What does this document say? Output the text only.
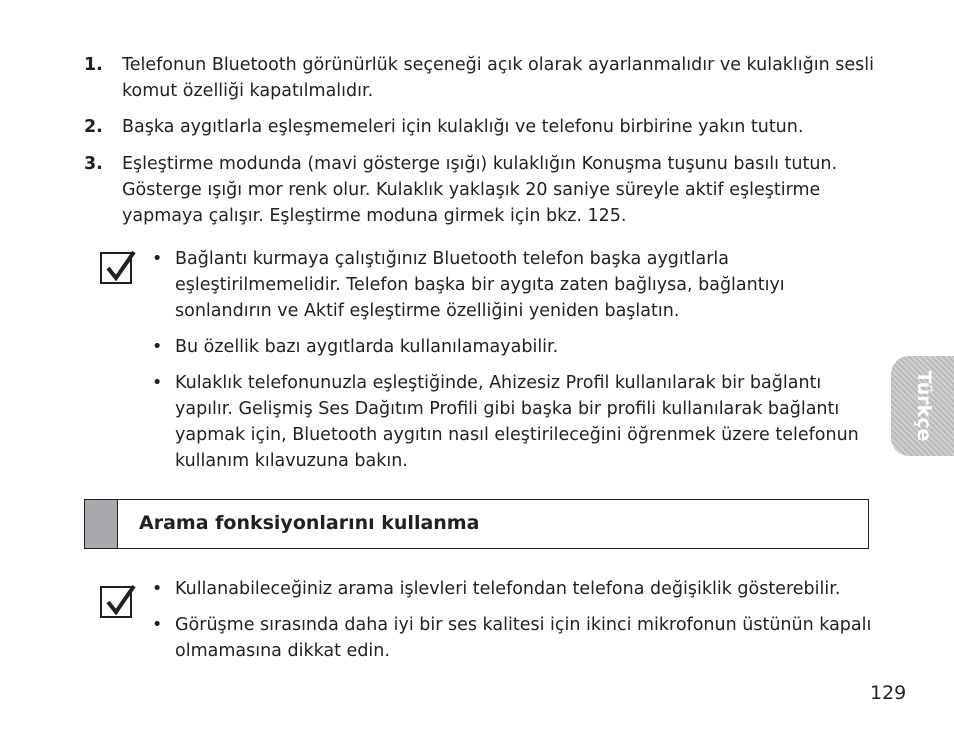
1. Telefonun Bluetooth görünürlük seçeneği açık olarak ayarlanmalıdır ve kulaklığın sesli komut özelliği kapatılmalıdır.
2. Başka aygıtlarla eşleşmemeleri için kulaklığı ve telefonu birbirine yakın tutun.
3. Eşleştirme modunda (mavi gösterge ışığı) kulaklığın Konuşma tuşunu basılı tutun. Gösterge ışığı mor renk olur. Kulaklık yaklaşık 20 saniye süreyle aktif eşleştirme yapmaya çalışır. Eşleştirme moduna girmek için bkz. 125.
• Bağlantı kurmaya çalıştığınız Bluetooth telefon başka aygıtlarla eşleştirilmemelidir. Telefon başka bir aygıta zaten bağlıysa, bağlantıyı sonlandırın ve Aktif eşleştirme özelliğini yeniden başlatın.
• Bu özellik bazı aygıtlarda kullanılamayabilir.
• Kulaklık telefonunuzla eşleştiğinde, Ahizesiz Profil kullanılarak bir bağlantı yapılır. Gelişmiş Ses Dağıtım Profili gibi başka bir profili kullanılarak bağlantı yapmak için, Bluetooth aygıtın nasıl eleştirileceğini öğrenmek üzere telefonun kullanım kılavuzuna bakın.
Arama fonksiyonlarını kullanma
• Kullanabileceğiniz arama işlevleri telefondan telefona değişiklik gösterebilir.
• Görüşme sırasında daha iyi bir ses kalitesi için ikinci mikrofonun üstünün kapalı olmamasına dikkat edin.
Türkçe
129
